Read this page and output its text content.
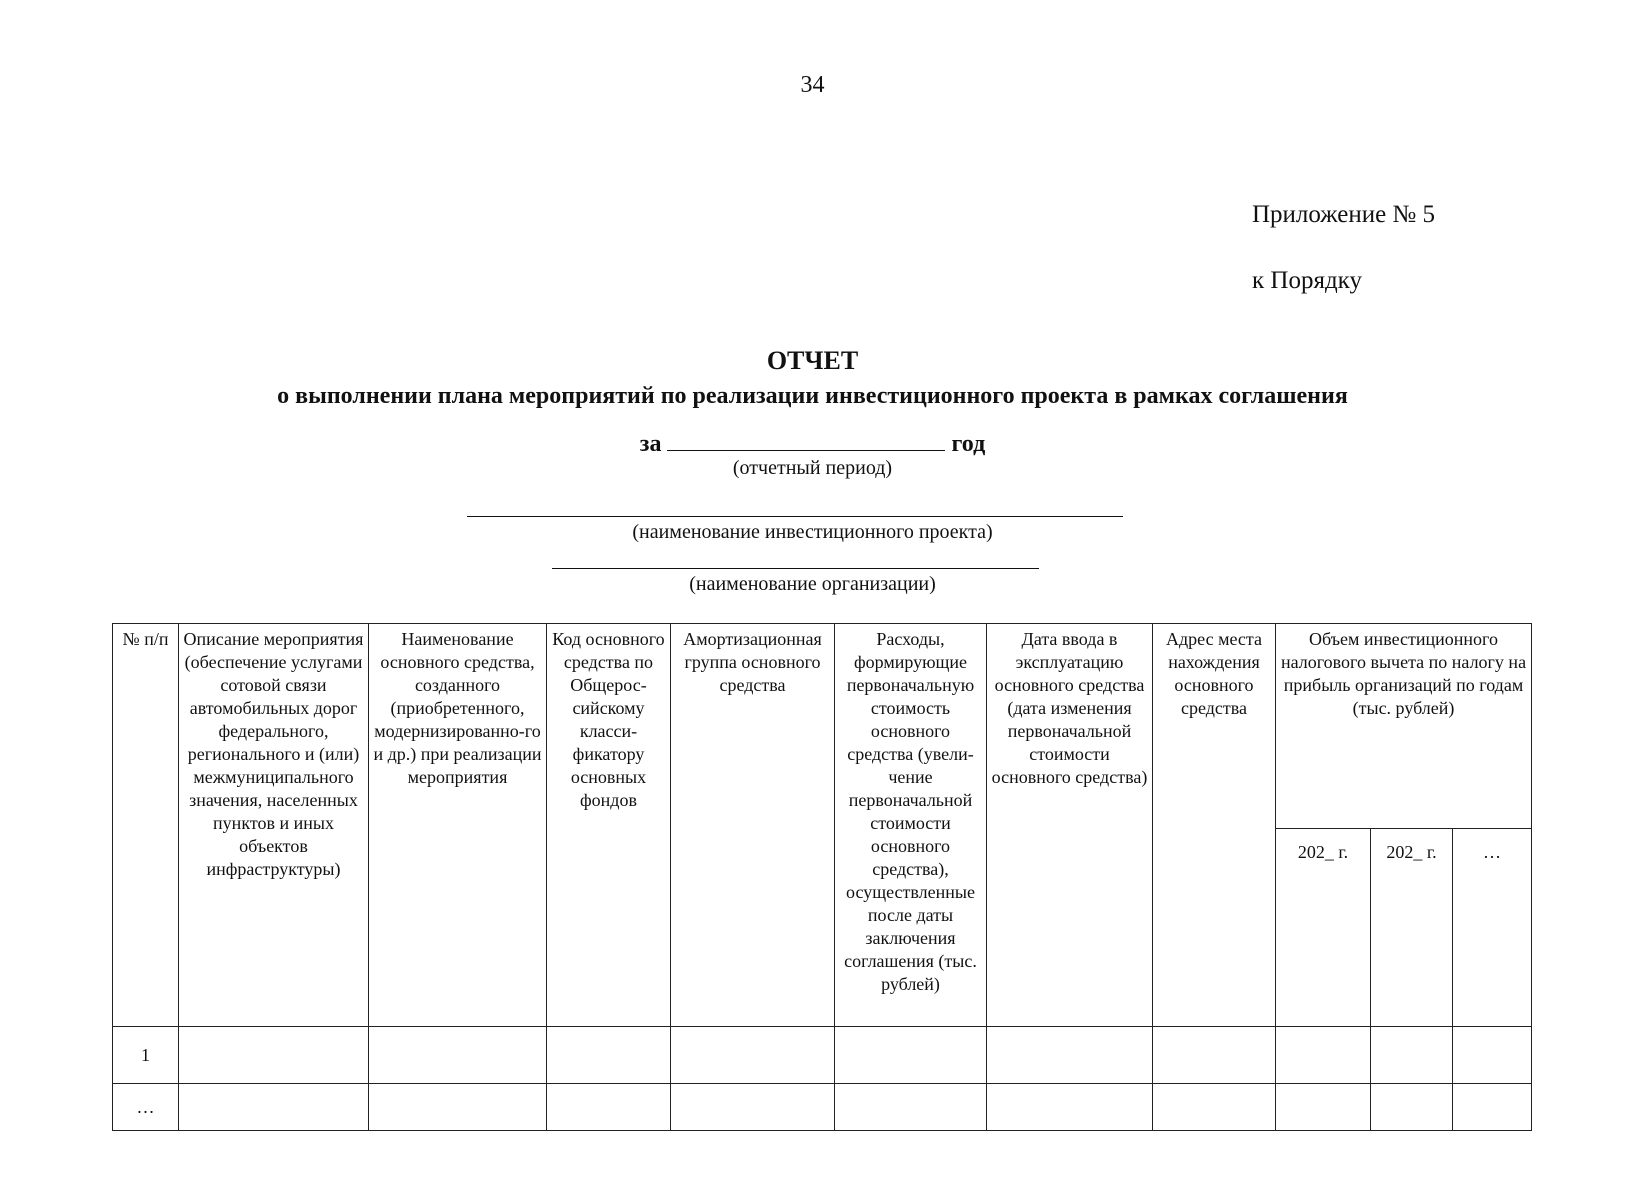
34
Приложение № 5
к Порядку
ОТЧЕТ
о выполнении плана мероприятий по реализации инвестиционного проекта в рамках соглашения
за	год
(отчетный период)
(наименование инвестиционного проекта)
(наименование организации)
№ п/п	Описание мероприятия (обеспечение услугами сотовой связи автомобильных дорог федерального, регионального и (или) межмуниципального значения, населенных пунктов и иных объектов инфраструктуры)	Наименование основного средства, созданного (приобретенного, модернизированно-го и др.) при реализации мероприятия	Код основного средства по Общерос-сийскому класси-фикатору основных фондов	Амортизационная группа основного средства	Расходы, формирующие первоначальную стоимость основного средства (увели-чение первоначальной стоимости основного средства), осуществленные после даты заключения соглашения (тыс. рублей)	Дата ввода в эксплуатацию основного средства (дата изменения первоначальной стоимости основного средства)	Адрес места нахождения основного средства	Объем инвестиционного налогового вычета по налогу на прибыль организаций по годам (тыс. рублей)		
								202_ г.	202_ г.	…
1										
…										
